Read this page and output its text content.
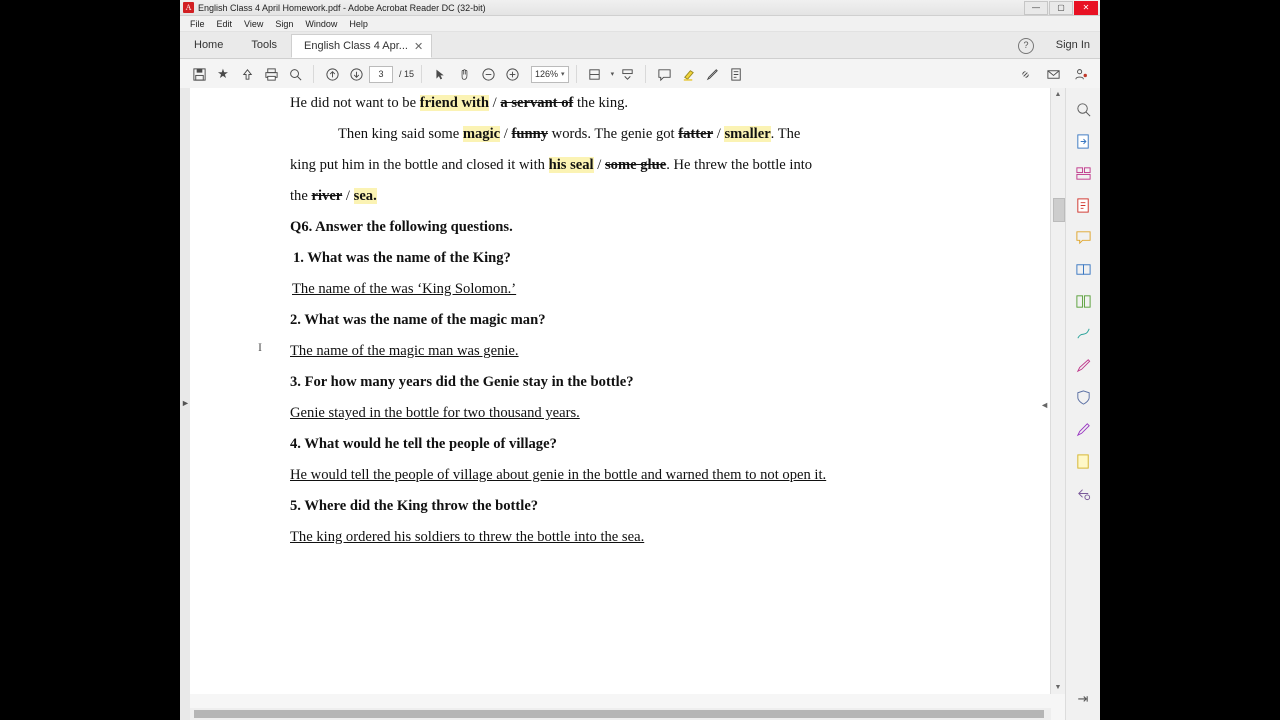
A English Class 4 April Homework.pdf - Adobe Acrobat Reader DC (32-bit)	—	▢	✕
File	Edit	View	Sign	Window	Help
Home	Tools	English Class 4 Apr... ✕	?	Sign In
★	3	/ 15	126% ▾	▾
►
I

He did not want to be friend with / a servant of the king.

Then king said some magic / funny words. The genie got fatter / smaller. The

king put him in the bottle and closed it with his seal / some glue. He threw the bottle into

the river / sea.

Q6. Answer the following questions.

1. What was the name of the King?

The name of the was ‘King Solomon.’

2. What was the name of the magic man?

The name of the magic man was genie.

3. For how many years did the Genie stay in the bottle?

Genie stayed in the bottle for two thousand years.

4. What would he tell the people of village?

He would tell the people of village about genie in the bottle and warned them to not open it.

5. Where did the King throw the bottle?

The king ordered his soldiers to threw the bottle into the sea.

▲
▼
◄
⇥
